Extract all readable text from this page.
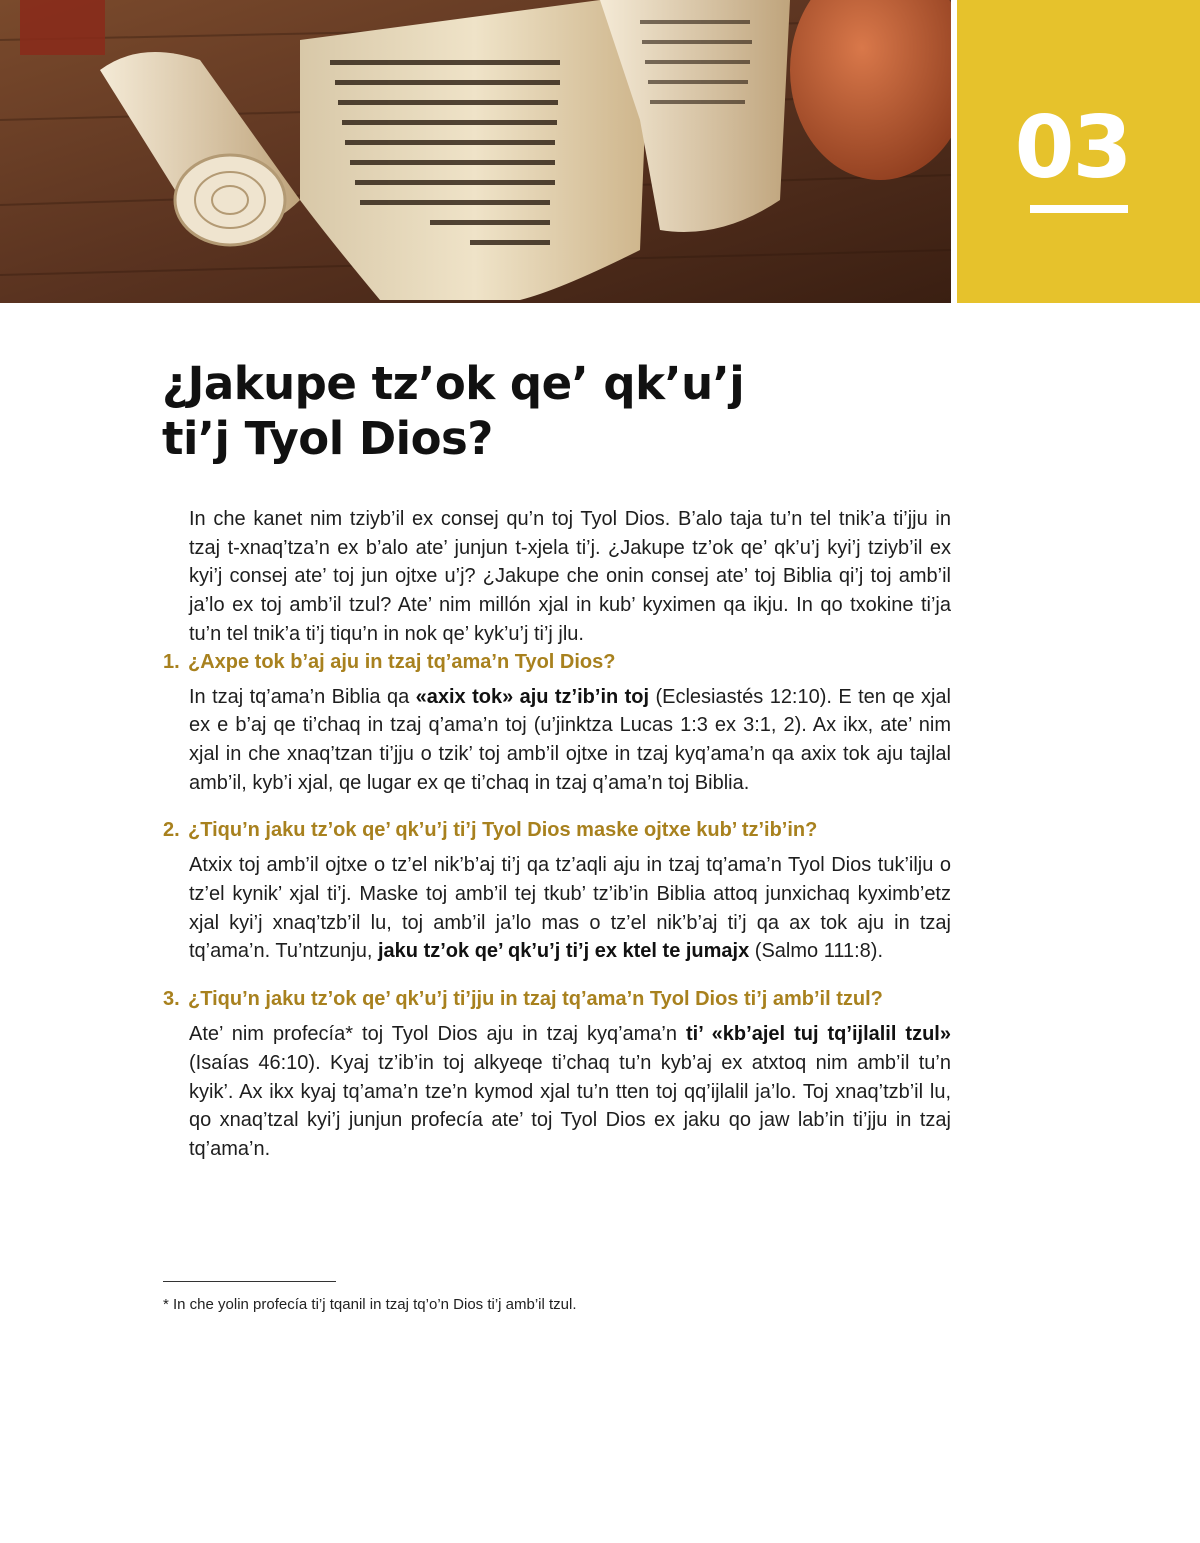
03
¿Jakupe tz’ok qe’ qk’u’j
ti’j Tyol Dios?

In che kanet nim tziyb’il ex consej qu’n toj Tyol Dios. B’alo taja tu’n tel tnik’a ti’jju in tzaj t-xnaq’tza’n ex b’alo ate’ junjun t-xjela ti’j. ¿Jakupe tz’ok qe’ qk’u’j kyi’j tziyb’il ex kyi’j consej ate’ toj jun ojtxe u’j? ¿Jakupe che onin consej ate’ toj Biblia qi’j toj amb’il ja’lo ex toj amb’il tzul? Ate’ nim millón xjal in kub’ kyximen qa ikju. In qo txokine ti’ja tu’n tel tnik’a ti’j tiqu’n in nok qe’ kyk’u’j ti’j jlu.

1. ¿Axpe tok b’aj aju in tzaj tq’ama’n Tyol Dios?

In tzaj tq’ama’n Biblia qa «axix tok» aju tz’ib’in toj (Eclesiastés 12:10). E ten qe xjal ex e b’aj qe ti’chaq in tzaj q’ama’n toj (u’jinktza Lucas 1:3 ex 3:1, 2). Ax ikx, ate’ nim xjal in che xnaq’tzan ti’jju o tzik’ toj amb’il ojtxe in tzaj kyq’ama’n qa axix tok aju tajlal amb’il, kyb’i xjal, qe lugar ex qe ti’chaq in tzaj q’ama’n toj Biblia.

2. ¿Tiqu’n jaku tz’ok qe’ qk’u’j ti’j Tyol Dios maske ojtxe kub’ tz’ib’in?

Atxix toj amb’il ojtxe o tz’el nik’b’aj ti’j qa tz’aqli aju in tzaj tq’ama’n Tyol Dios tuk’ilju o tz’el kynik’ xjal ti’j. Maske toj amb’il tej tkub’ tz’ib’in Biblia attoq junxichaq kyximb’etz xjal kyi’j xnaq’tzb’il lu, toj amb’il ja’lo mas o tz’el nik’b’aj ti’j qa ax tok aju in tzaj tq’ama’n. Tu’ntzunju, jaku tz’ok qe’ qk’u’j ti’j ex ktel te jumajx (Salmo 111:8).

3. ¿Tiqu’n jaku tz’ok qe’ qk’u’j ti’jju in tzaj tq’ama’n Tyol Dios ti’j amb’il tzul?

Ate’ nim profecía* toj Tyol Dios aju in tzaj kyq’ama’n ti’ «kb’ajel tuj tq’ijlalil tzul» (Isaías 46:10). Kyaj tz’ib’in toj alkyeqe ti’chaq tu’n kyb’aj ex atxtoq nim amb’il tu’n kyik’. Ax ikx kyaj tq’ama’n tze’n kymod xjal tu’n tten toj qq’ijlalil ja’lo. Toj xnaq’tzb’il lu, qo xnaq’tzal kyi’j junjun profecía ate’ toj Tyol Dios ex jaku qo jaw lab’in ti’jju in tzaj tq’ama’n.

* In che yolin profecía ti’j tqanil in tzaj tq’o’n Dios ti’j amb’il tzul.
